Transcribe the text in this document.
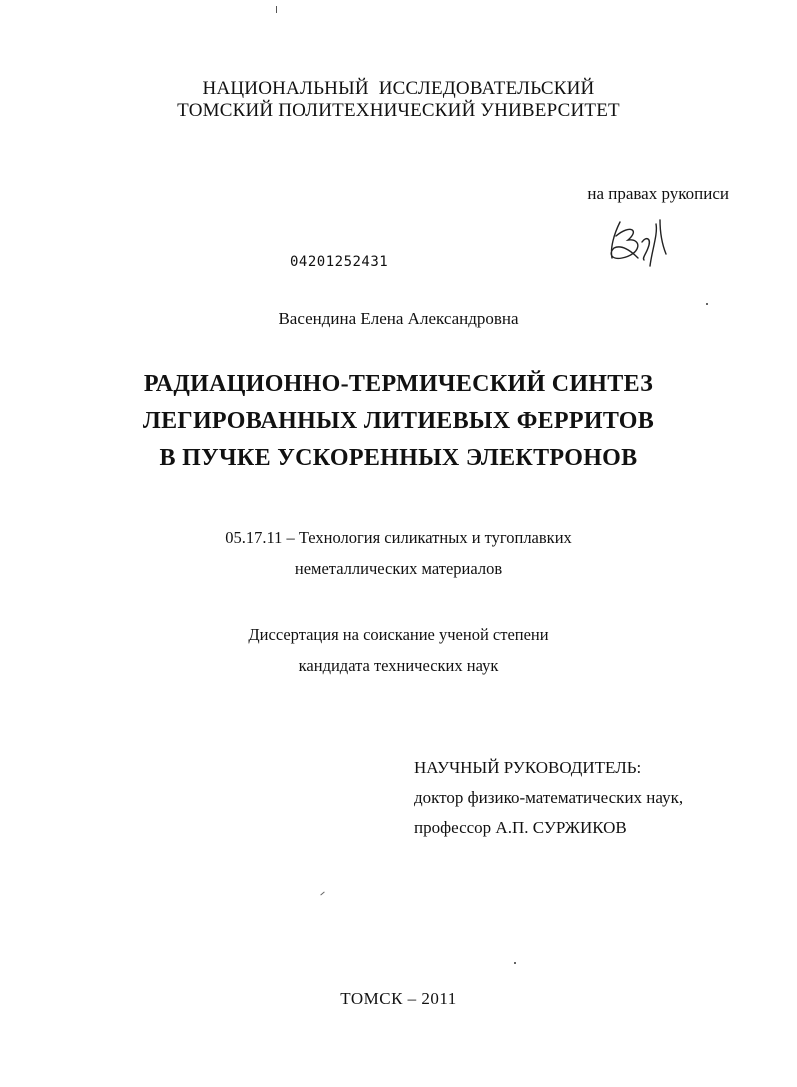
НАЦИОНАЛЬНЫЙ  ИССЛЕДОВАТЕЛЬСКИЙ
ТОМСКИЙ ПОЛИТЕХНИЧЕСКИЙ УНИВЕРСИТЕТ
на правах рукописи
04201252431
Васендина Елена Александровна
РАДИАЦИОННО-ТЕРМИЧЕСКИЙ СИНТЕЗ
ЛЕГИРОВАННЫХ ЛИТИЕВЫХ ФЕРРИТОВ
В ПУЧКЕ УСКОРЕННЫХ ЭЛЕКТРОНОВ
05.17.11 – Технология силикатных и тугоплавких
неметаллических материалов
Диссертация на соискание ученой степени
кандидата технических наук
НАУЧНЫЙ РУКОВОДИТЕЛЬ:
доктор физико-математических наук,
профессор А.П. СУРЖИКОВ
ТОМСК – 2011
